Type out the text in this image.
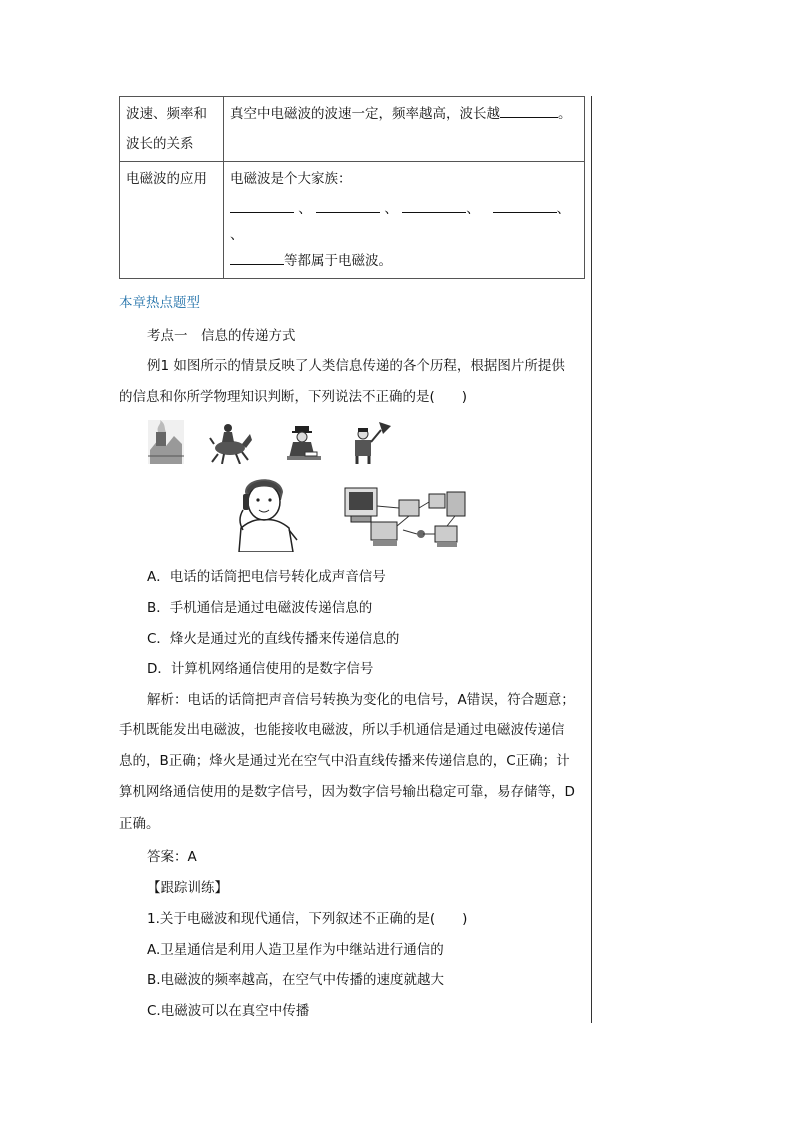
波速、频率和
波长的关系	真空中电磁波的波速一定，频率越高，波长越 。

电磁波的应用	电磁波是个大家族：
、 、 、 、
、
等都属于电磁波。
本章热点题型
考点一　信息的传递方式
例1 如图所示的情景反映了人类信息传递的各个历程，根据图片所提供
的信息和你所学物理知识判断，下列说法不正确的是(　　)
A．电话的话筒把电信号转化成声音信号
B．手机通信是通过电磁波传递信息的
C．烽火是通过光的直线传播来传递信息的
D．计算机网络通信使用的是数字信号
解析：电话的话筒把声音信号转换为变化的电信号，A错误，符合题意；
手机既能发出电磁波，也能接收电磁波，所以手机通信是通过电磁波传递信
息的，B正确；烽火是通过光在空气中沿直线传播来传递信息的，C正确；计
算机网络通信使用的是数字信号，因为数字信号输出稳定可靠，易存储等，D
正确。
答案：A
【跟踪训练】
1.关于电磁波和现代通信，下列叙述不正确的是(　　)
A.卫星通信是利用人造卫星作为中继站进行通信的
B.电磁波的频率越高，在空气中传播的速度就越大
C.电磁波可以在真空中传播
